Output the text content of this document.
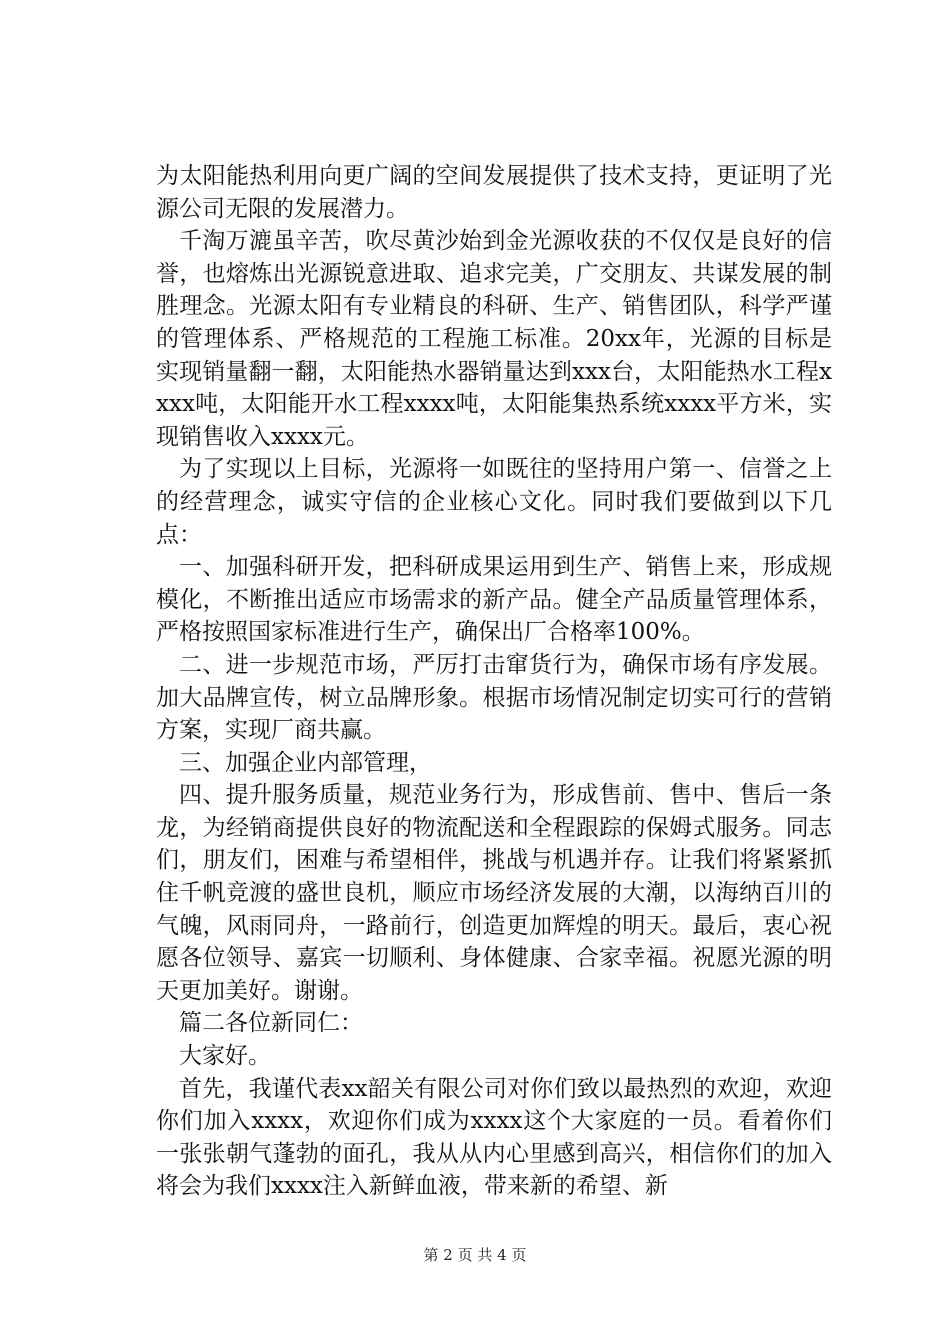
为太阳能热利用向更广阔的空间发展提供了技术支持，更证明了光源公司无限的发展潜力。

千淘万漉虽辛苦，吹尽黄沙始到金光源收获的不仅仅是良好的信誉，也熔炼出光源锐意进取、追求完美，广交朋友、共谋发展的制胜理念。光源太阳有专业精良的科研、生产、销售团队，科学严谨的管理体系、严格规范的工程施工标准。20xx年，光源的目标是实现销量翻一翻，太阳能热水器销量达到xxx台，太阳能热水工程xxxx吨，太阳能开水工程xxxx吨，太阳能集热系统xxxx平方米，实现销售收入xxxx元。

为了实现以上目标，光源将一如既往的坚持用户第一、信誉之上的经营理念，诚实守信的企业核心文化。同时我们要做到以下几点：

一、加强科研开发，把科研成果运用到生产、销售上来，形成规模化，不断推出适应市场需求的新产品。健全产品质量管理体系，严格按照国家标准进行生产，确保出厂合格率100%。

二、进一步规范市场，严厉打击窜货行为，确保市场有序发展。加大品牌宣传，树立品牌形象。根据市场情况制定切实可行的营销方案，实现厂商共赢。

三、加强企业内部管理，

四、提升服务质量，规范业务行为，形成售前、售中、售后一条龙，为经销商提供良好的物流配送和全程跟踪的保姆式服务。同志们，朋友们，困难与希望相伴，挑战与机遇并存。让我们将紧紧抓住千帆竞渡的盛世良机，顺应市场经济发展的大潮，以海纳百川的气魄，风雨同舟，一路前行，创造更加辉煌的明天。最后，衷心祝愿各位领导、嘉宾一切顺利、身体健康、合家幸福。祝愿光源的明天更加美好。谢谢。

篇二各位新同仁：

大家好。

首先，我谨代表xx韶关有限公司对你们致以最热烈的欢迎，欢迎你们加入xxxx，欢迎你们成为xxxx这个大家庭的一员。看着你们一张张朝气蓬勃的面孔，我从从内心里感到高兴，相信你们的加入将会为我们xxxx注入新鲜血液，带来新的希望、新

第 2 页 共 4 页
